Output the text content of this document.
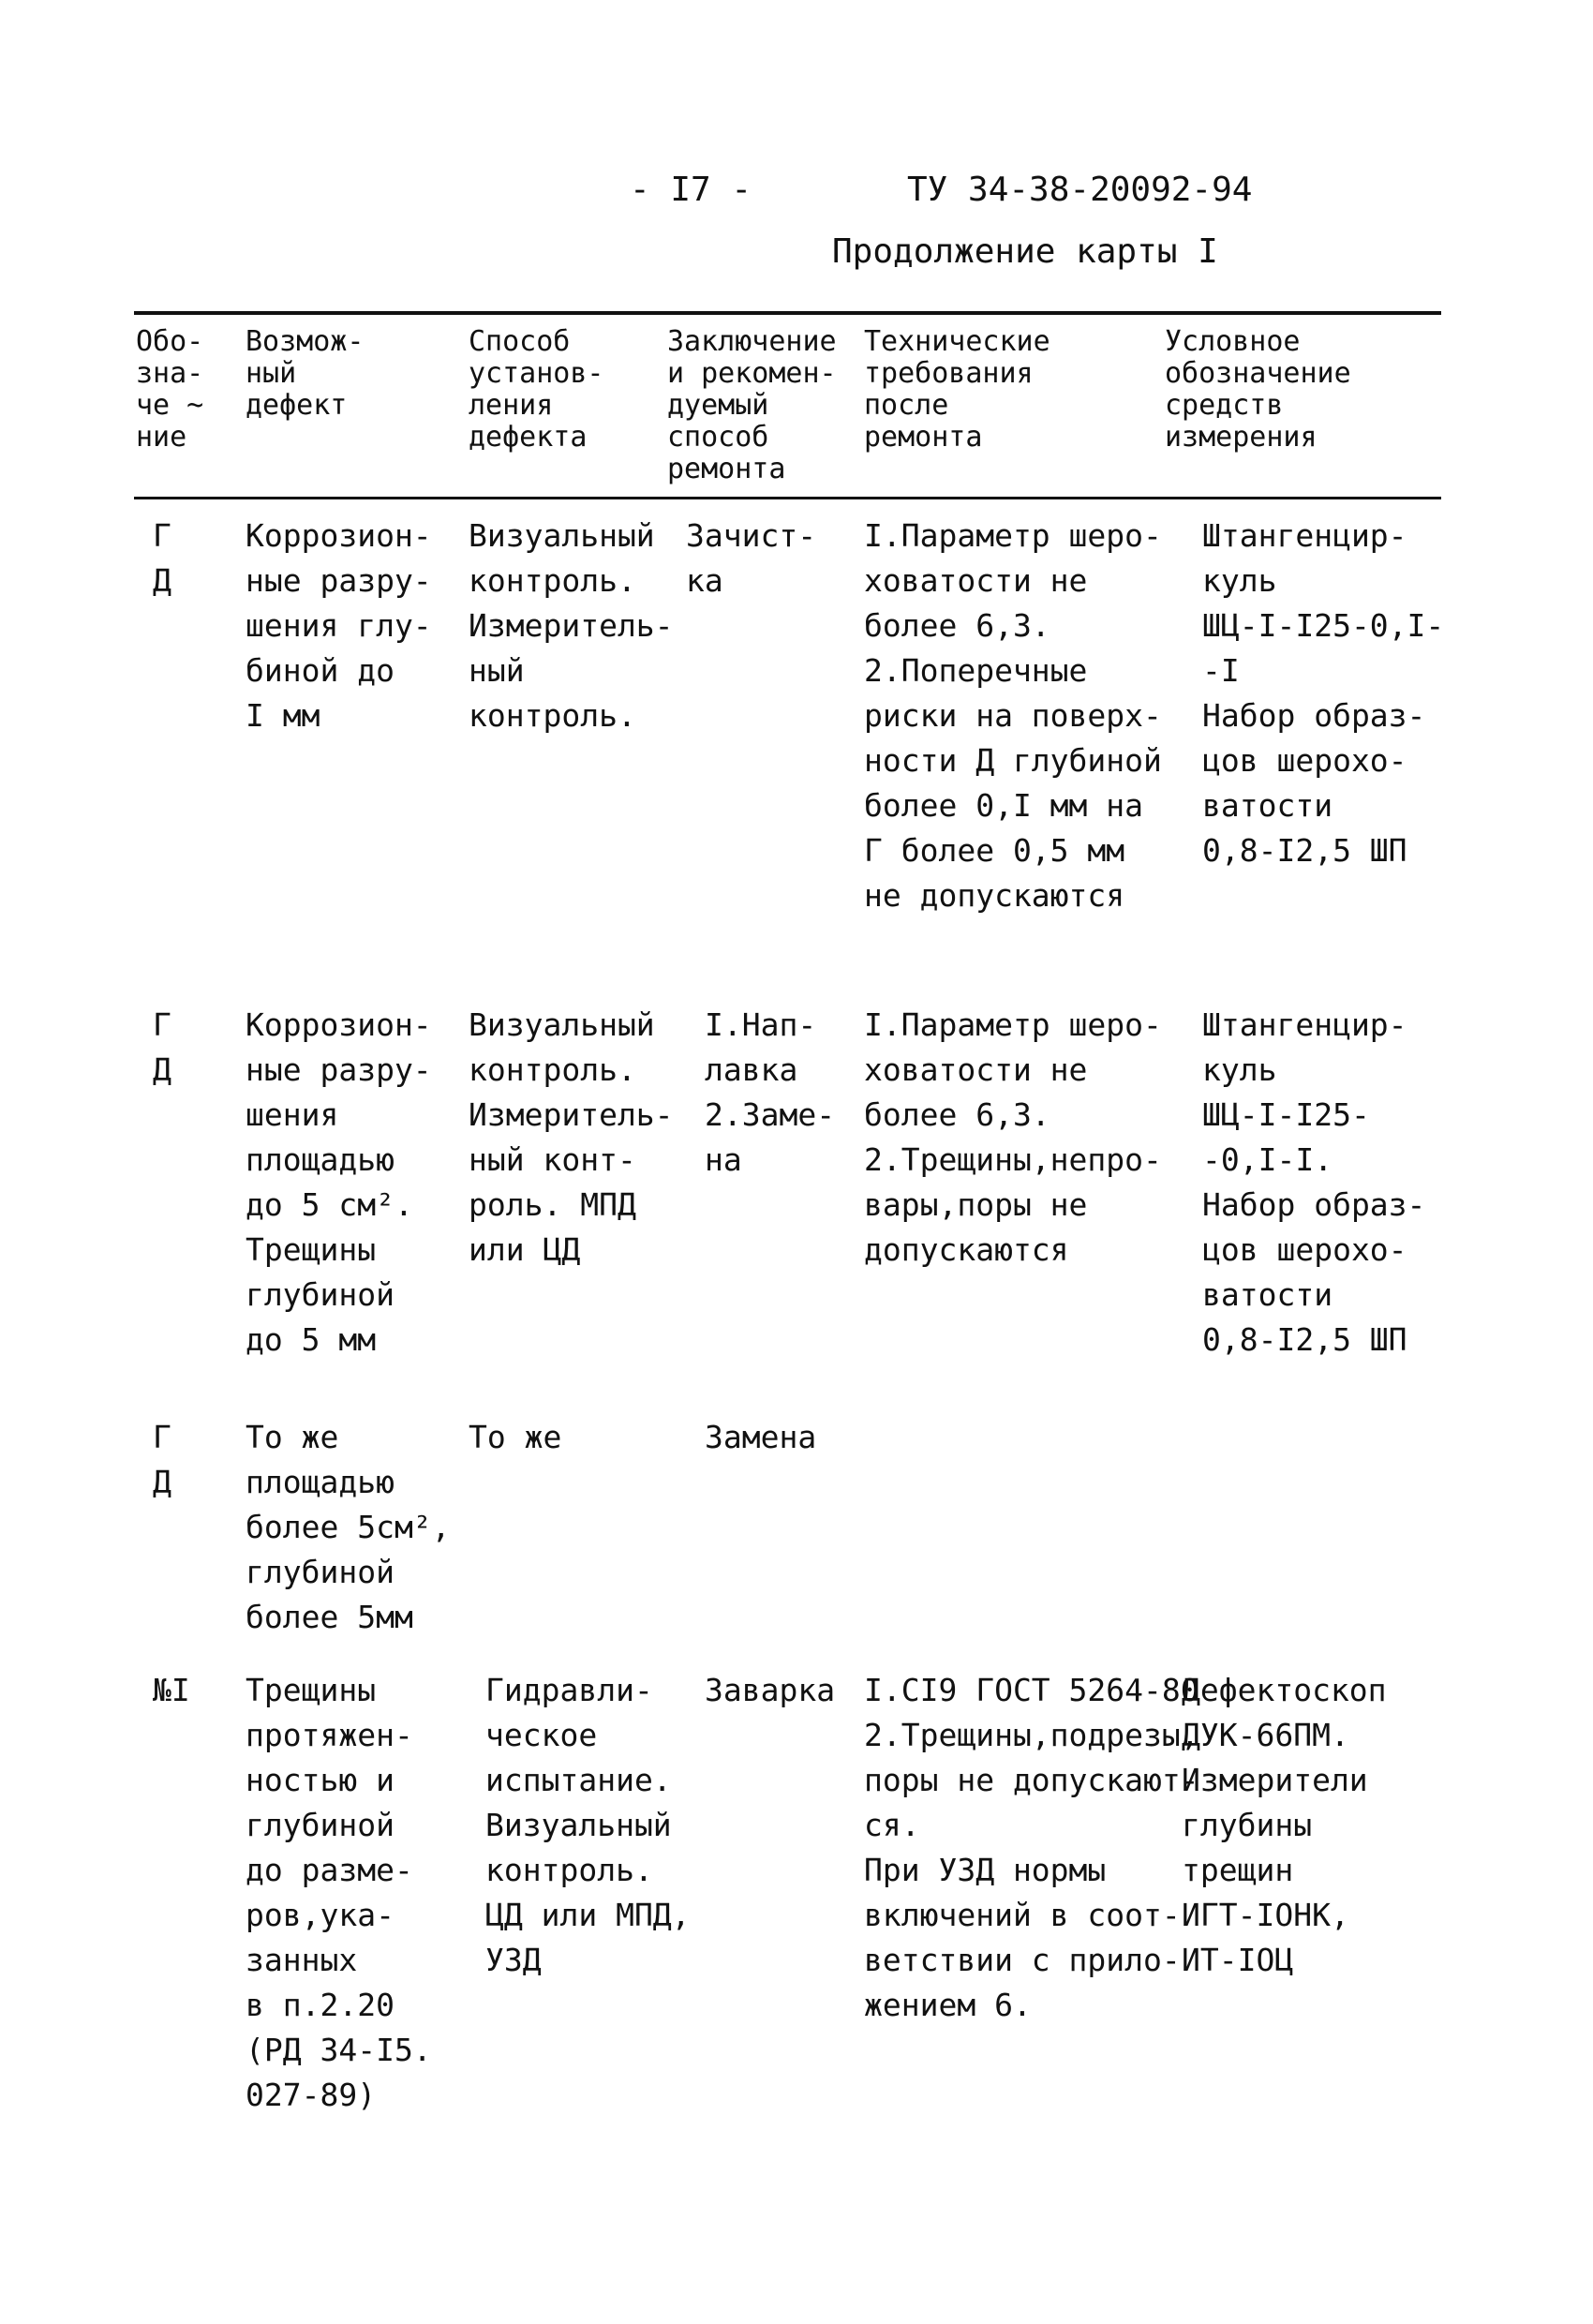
- I7 -	ТУ 34-38-20092-94
Продолжение карты I
Обо-
зна-
че ~
ние
Возмож-
ный
дефект
Способ
установ-
ления
дефекта
Заключение
и рекомен-
дуемый
способ
ремонта
Технические
требования
после
ремонта
Условное
обозначение
средств
измерения
Г
Д
Коррозион-
ные разру-
шения глу-
биной до
I мм
Визуальный
контроль.
Измеритель-
ный
контроль.
Зачист-
ка
I.Параметр шеро-
ховатости не
более 6,3.
2.Поперечные
риски на поверх-
ности Д глубиной
более 0,I мм на
Г более 0,5 мм
не допускаются
Штангенцир-
куль
ШЦ-I-I25-0,I-
-I
Набор образ-
цов шерохо-
ватости
0,8-I2,5 ШП
Г
Д
Коррозион-
ные разру-
шения
площадью
до 5 см².
Трещины
глубиной
до 5 мм
Визуальный
контроль.
Измеритель-
ный конт-
роль. МПД
или ЦД
I.Нап-
лавка
2.Заме-
на
I.Параметр шеро-
ховатости не
более 6,3.
2.Трещины,непро-
вары,поры не
допускаются
Штангенцир-
куль
ШЦ-I-I25-
-0,I-I.
Набор образ-
цов шерохо-
ватости
0,8-I2,5 ШП
Г
Д
То же
площадью
более 5см²,
глубиной
более 5мм
То же	Замена
№I Трещины
протяжен-
ностью и
глубиной
до разме-
ров,ука-
занных
в п.2.20
(РД 34-I5.
027-89)
Гидравли-
ческое
испытание.
Визуальный
контроль.
ЦД или МПД,
УЗД
Заварка I.CI9 ГОСТ 5264-80
2.Трещины,подрезы,
поры не допускают-
ся.
При УЗД нормы
включений в соот-
ветствии с прило-
жением 6.
Дефектоскоп
ДУК-66ПМ.
Измерители
глубины
трещин
ИГТ-IОНК,
ИТ-IОЦ
